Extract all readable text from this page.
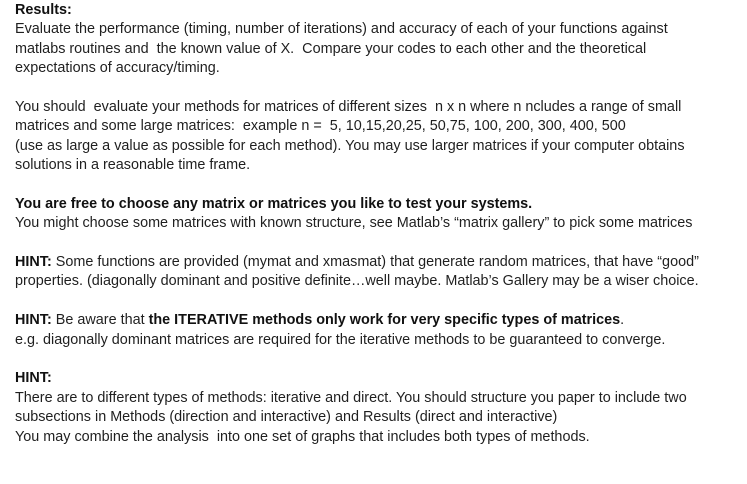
Results:
Evaluate the performance (timing, number of iterations) and accuracy of each of your functions against
matlabs routines and  the known value of X.  Compare your codes to each other and the theoretical
expectations of accuracy/timing.
You should  evaluate your methods for matrices of different sizes  n x n where n ncludes a range of small
matrices and some large matrices:  example n =  5, 10,15,20,25, 50,75, 100, 200, 300, 400, 500
(use as large a value as possible for each method). You may use larger matrices if your computer obtains
solutions in a reasonable time frame.
You are free to choose any matrix or matrices you like to test your systems.
You might choose some matrices with known structure, see Matlab’s “matrix gallery” to pick some matrices
HINT: Some functions are provided (mymat and xmasmat) that generate random matrices, that have “good”
properties. (diagonally dominant and positive definite…well maybe. Matlab’s Gallery may be a wiser choice.
HINT: Be aware that the ITERATIVE methods only work for very specific types of matrices.
e.g. diagonally dominant matrices are required for the iterative methods to be guaranteed to converge.
HINT:
There are to different types of methods: iterative and direct. You should structure you paper to include two
subsections in Methods (direction and interactive) and Results (direct and interactive)
You may combine the analysis  into one set of graphs that includes both types of methods.
